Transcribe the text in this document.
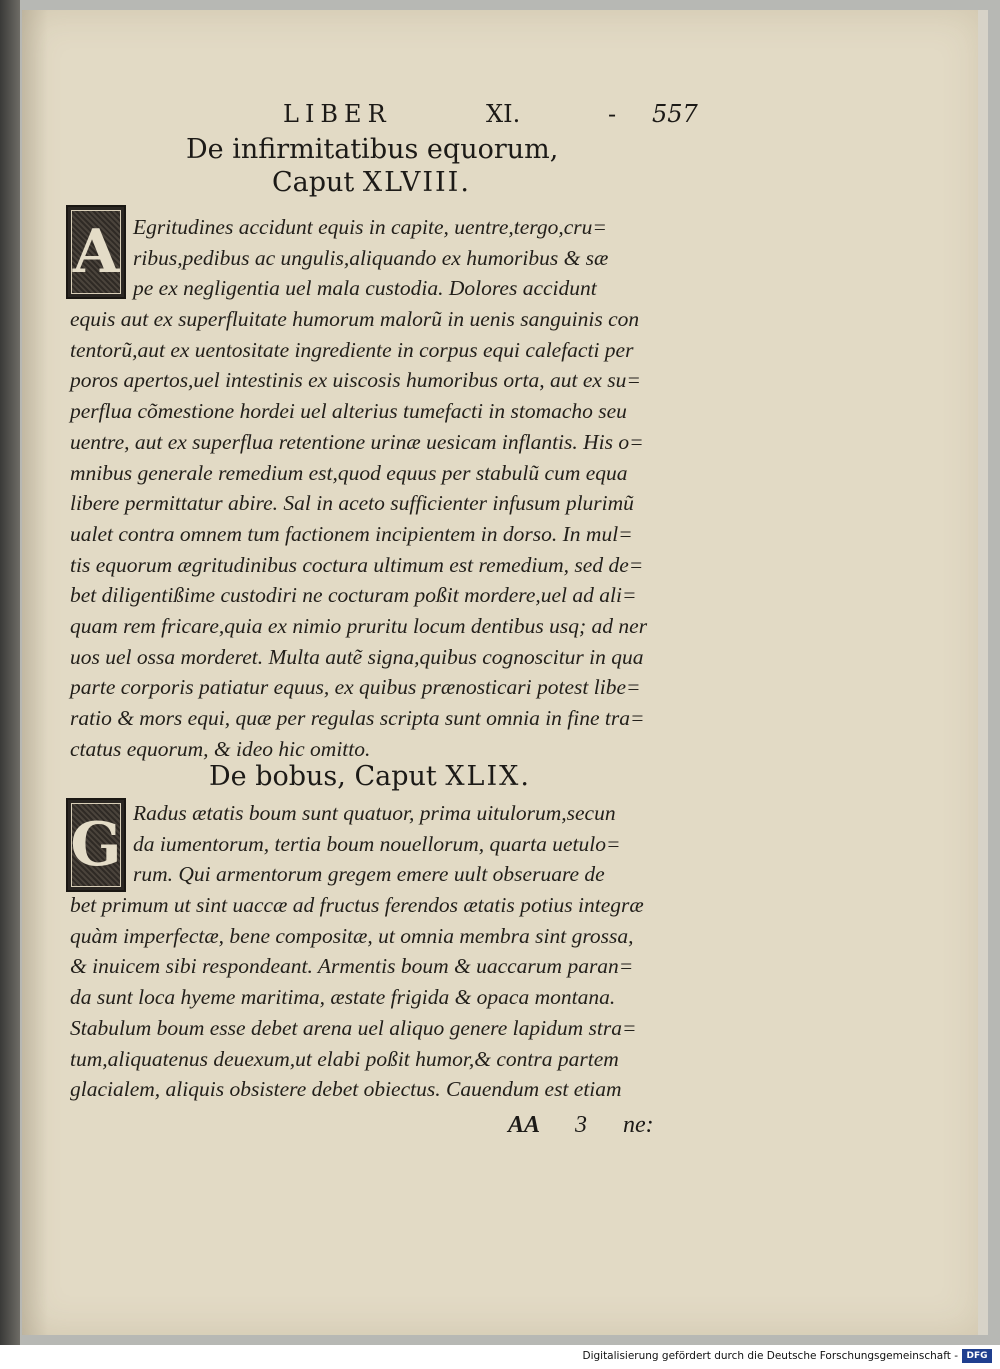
LIBER	XI.	- 557
De infirmitatibus equorum,
Caput XLVIII.
A Egritudines accidunt equis in capite, uentre,tergo,cru=
ribus,pedibus ac ungulis,aliquando ex humoribus & sæ
pe ex negligentia uel mala custodia. Dolores accidunt
equis aut ex superfluitate humorum malorũ in uenis sanguinis con
tentorũ,aut ex uentositate ingrediente in corpus equi calefacti per
poros apertos,uel intestinis ex uiscosis humoribus orta, aut ex su=
perflua cõmestione hordei uel alterius tumefacti in stomacho seu
uentre, aut ex superflua retentione urinæ uesicam inflantis. His o=
mnibus generale remedium est,quod equus per stabulũ cum equa
libere permittatur abire. Sal in aceto sufficienter infusum plurimũ
ualet contra omnem tum factionem incipientem in dorso. In mul=
tis equorum ægritudinibus coctura ultimum est remedium, sed de=
bet diligentißime custodiri ne cocturam poßit mordere,uel ad ali=
quam rem fricare,quia ex nimio pruritu locum dentibus usq; ad ner
uos uel ossa morderet. Multa autẽ signa,quibus cognoscitur in qua
parte corporis patiatur equus, ex quibus prænosticari potest libe=
ratio & mors equi, quæ per regulas scripta sunt omnia in fine tra=
ctatus equorum, & ideo hic omitto.
De bobus, Caput XLIX.
G Radus ætatis boum sunt quatuor, prima uitulorum,secun
da iumentorum, tertia boum nouellorum, quarta uetulo=
rum. Qui armentorum gregem emere uult obseruare de
bet primum ut sint uaccæ ad fructus ferendos ætatis potius integræ
quàm imperfectæ, bene compositæ, ut omnia membra sint grossa,
& inuicem sibi respondeant. Armentis boum & uaccarum paran=
da sunt loca hyeme maritima, æstate frigida & opaca montana.
Stabulum boum esse debet arena uel aliquo genere lapidum stra=
tum,aliquatenus deuexum,ut elabi poßit humor,& contra partem
glacialem, aliquis obsistere debet obiectus. Cauendum est etiam
AA 3 ne:
Digitalisierung gefördert durch die Deutsche Forschungsgemeinschaft - DFG
